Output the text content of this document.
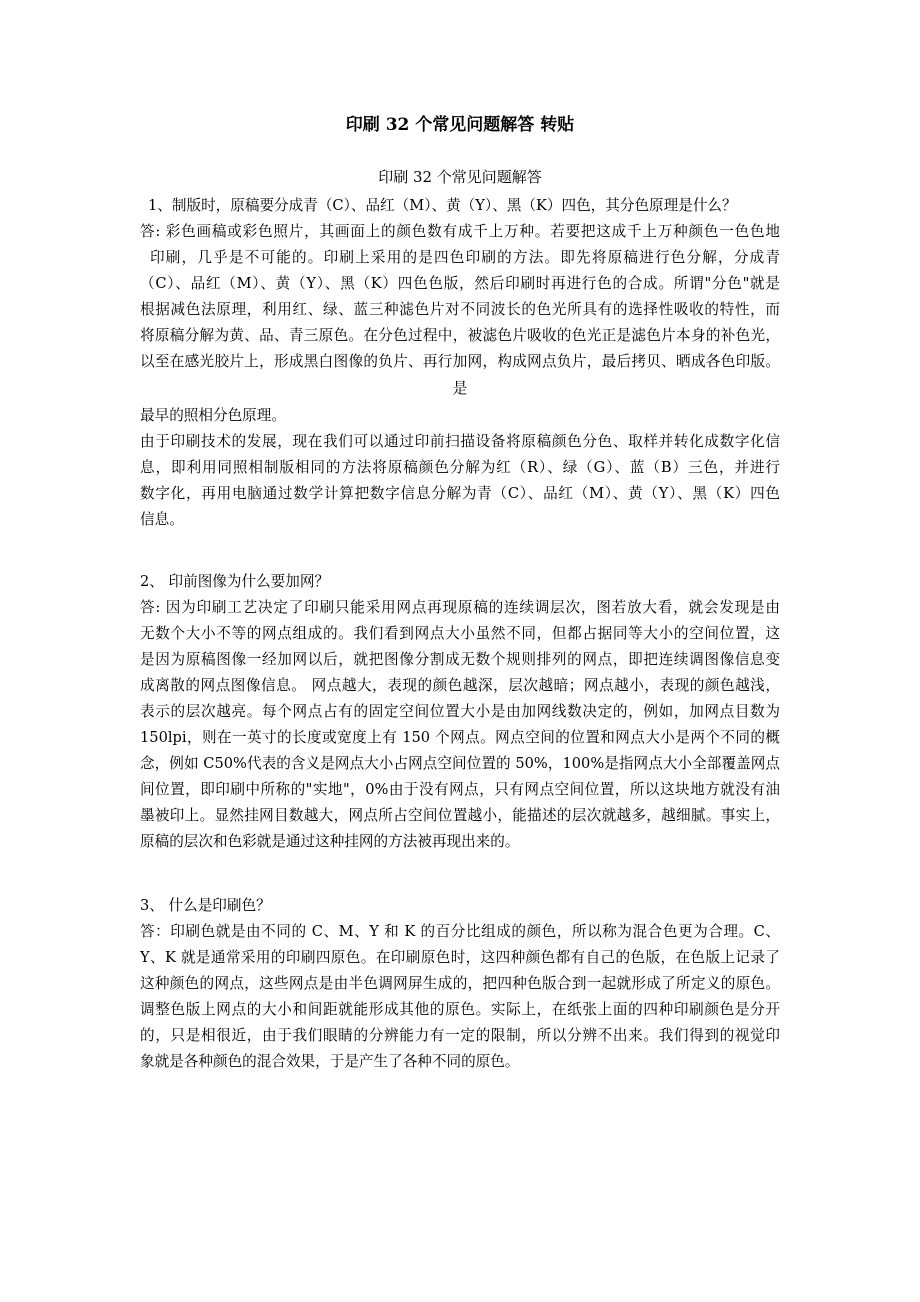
印刷 32 个常见问题解答 转贴
印刷 32 个常见问题解答
1、制版时，原稿要分成青（C）、品红（M）、黄（Y）、黑（K）四色，其分色原理是什么？
答: 彩色画稿或彩色照片，其画面上的颜色数有成千上万种。若要把这成千上万种颜色一色色地
印刷，几乎是不可能的。印刷上采用的是四色印刷的方法。即先将原稿进行色分解，分成青
（C）、品红（M）、黄（Y）、黑（K）四色色版，然后印刷时再进行色的合成。所谓"分色"就是
根据减色法原理，利用红、绿、蓝三种滤色片对不同波长的色光所具有的选择性吸收的特性，而
将原稿分解为黄、品、青三原色。在分色过程中，被滤色片吸收的色光正是滤色片本身的补色光，
以至在感光胶片上，形成黑白图像的负片、再行加网，构成网点负片，最后拷贝、晒成各色印版。
是
最早的照相分色原理。
由于印刷技术的发展，现在我们可以通过印前扫描设备将原稿颜色分色、取样并转化成数字化信
息，即利用同照相制版相同的方法将原稿颜色分解为红（R）、绿（G）、蓝（B）三色，并进行
数字化，再用电脑通过数学计算把数字信息分解为青（C）、品红（M）、黄（Y）、黑（K）四色
信息。
2、 印前图像为什么要加网？
答: 因为印刷工艺决定了印刷只能采用网点再现原稿的连续调层次，图若放大看，就会发现是由
无数个大小不等的网点组成的。我们看到网点大小虽然不同，但都占据同等大小的空间位置，这
是因为原稿图像一经加网以后，就把图像分割成无数个规则排列的网点，即把连续调图像信息变
成离散的网点图像信息。 网点越大，表现的颜色越深，层次越暗；网点越小，表现的颜色越浅，
表示的层次越亮。每个网点占有的固定空间位置大小是由加网线数决定的，例如，加网点目数为
150lpi，则在一英寸的长度或宽度上有 150 个网点。网点空间的位置和网点大小是两个不同的概
念，例如 C50%代表的含义是网点大小占网点空间位置的 50%，100%是指网点大小全部覆盖网点
间位置，即印刷中所称的"实地"，0%由于没有网点，只有网点空间位置，所以这块地方就没有油
墨被印上。显然挂网目数越大，网点所占空间位置越小，能描述的层次就越多，越细腻。事实上，
原稿的层次和色彩就是通过这种挂网的方法被再现出来的。
3、 什么是印刷色？
答：印刷色就是由不同的 C、M、Y 和 K 的百分比组成的颜色，所以称为混合色更为合理。C、
Y、K 就是通常采用的印刷四原色。在印刷原色时，这四种颜色都有自己的色版，在色版上记录了
这种颜色的网点，这些网点是由半色调网屏生成的，把四种色版合到一起就形成了所定义的原色。
调整色版上网点的大小和间距就能形成其他的原色。实际上，在纸张上面的四种印刷颜色是分开
的，只是相很近，由于我们眼睛的分辨能力有一定的限制，所以分辨不出来。我们得到的视觉印
象就是各种颜色的混合效果，于是产生了各种不同的原色。
